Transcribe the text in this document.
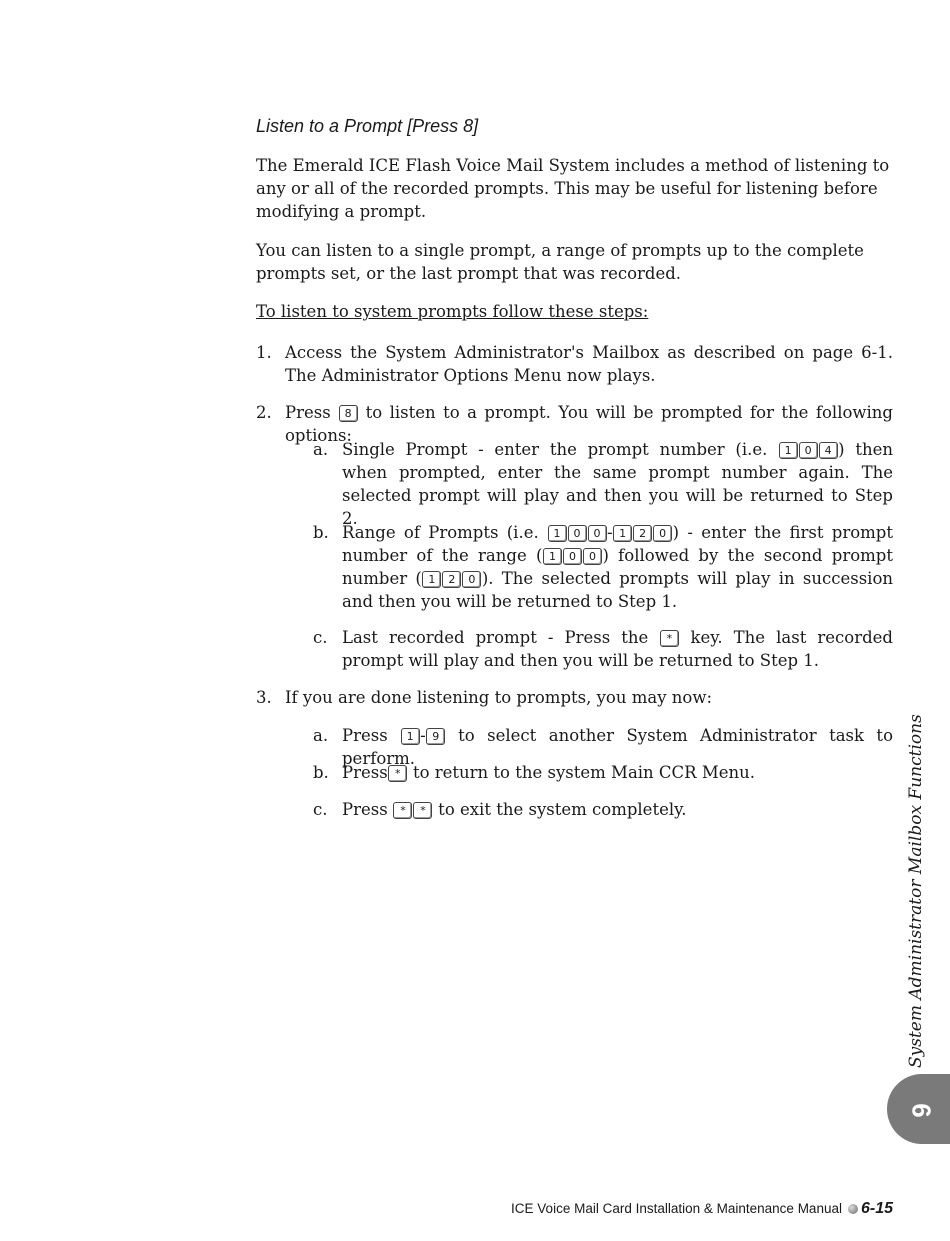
Listen to a Prompt [Press 8]
The Emerald ICE Flash Voice Mail System includes a method of listening to any or all of the recorded prompts. This may be useful for listening before modifying a prompt.
You can listen to a single prompt, a range of prompts up to the complete prompts set, or the last prompt that was recorded.
To listen to system prompts follow these steps:
1. Access the System Administrator's Mailbox as described on page 6-1. The Administrator Options Menu now plays.
2. Press 8 to listen to a prompt. You will be prompted for the following options:
a. Single Prompt - enter the prompt number (i.e. 1 0 4 ) then when prompted, enter the same prompt number again. The selected prompt will play and then you will be returned to Step 2.
b. Range of Prompts (i.e. 1 0 0 - 1 2 0 ) - enter the first prompt number of the range ( 1 0 0 ) followed by the second prompt number ( 1 2 0 ). The selected prompts will play in succession and then you will be returned to Step 1.
c. Last recorded prompt - Press the * key. The last recorded prompt will play and then you will be returned to Step 1.
3. If you are done listening to prompts, you may now:
a. Press 1 - 9 to select another System Administrator task to perform.
b. Press * to return to the system Main CCR Menu.
c. Press * * to exit the system completely.	System Administrator Mailbox Functions
6
ICE Voice Mail Card Installation & Maintenance Manual 6-15
